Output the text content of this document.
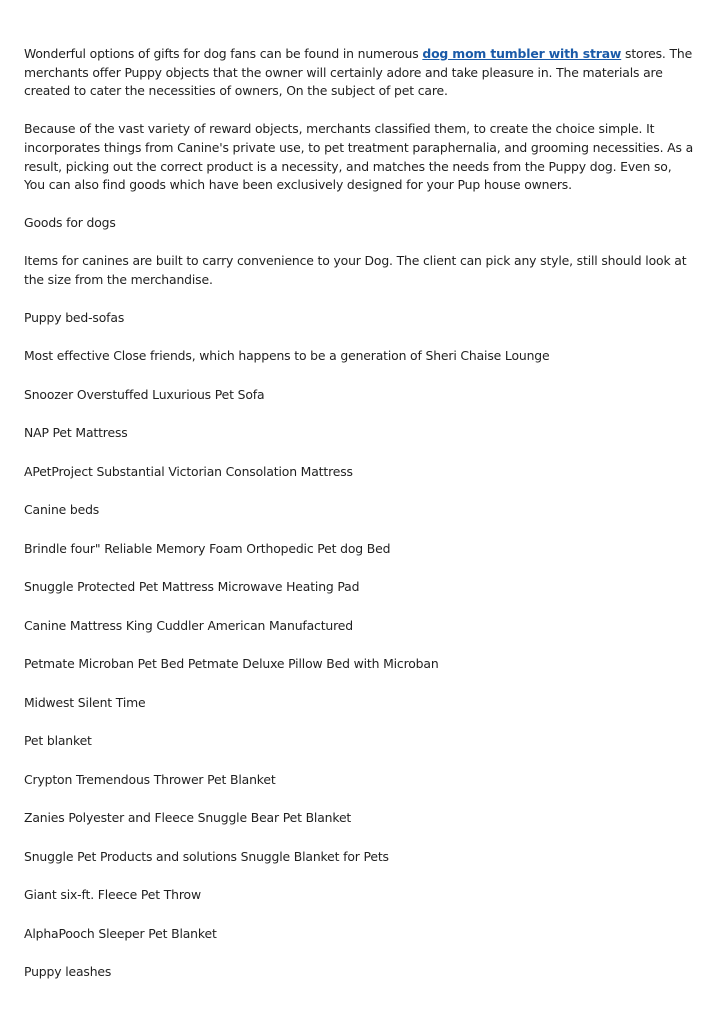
Wonderful options of gifts for dog fans can be found in numerous dog mom tumbler with straw stores. The merchants offer Puppy objects that the owner will certainly adore and take pleasure in. The materials are created to cater the necessities of owners, On the subject of pet care.

Because of the vast variety of reward objects, merchants classified them, to create the choice simple. It incorporates things from Canine's private use, to pet treatment paraphernalia, and grooming necessities. As a result, picking out the correct product is a necessity, and matches the needs from the Puppy dog. Even so, You can also find goods which have been exclusively designed for your Pup house owners.

Goods for dogs

Items for canines are built to carry convenience to your Dog. The client can pick any style, still should look at the size from the merchandise.

Puppy bed-sofas

Most effective Close friends, which happens to be a generation of Sheri Chaise Lounge

Snoozer Overstuffed Luxurious Pet Sofa

NAP Pet Mattress

APetProject Substantial Victorian Consolation Mattress

Canine beds

Brindle four" Reliable Memory Foam Orthopedic Pet dog Bed

Snuggle Protected Pet Mattress Microwave Heating Pad

Canine Mattress King Cuddler American Manufactured

Petmate Microban Pet Bed Petmate Deluxe Pillow Bed with Microban

Midwest Silent Time

Pet blanket

Crypton Tremendous Thrower Pet Blanket

Zanies Polyester and Fleece Snuggle Bear Pet Blanket

Snuggle Pet Products and solutions Snuggle Blanket for Pets

Giant six-ft. Fleece Pet Throw

AlphaPooch Sleeper Pet Blanket

Puppy leashes
